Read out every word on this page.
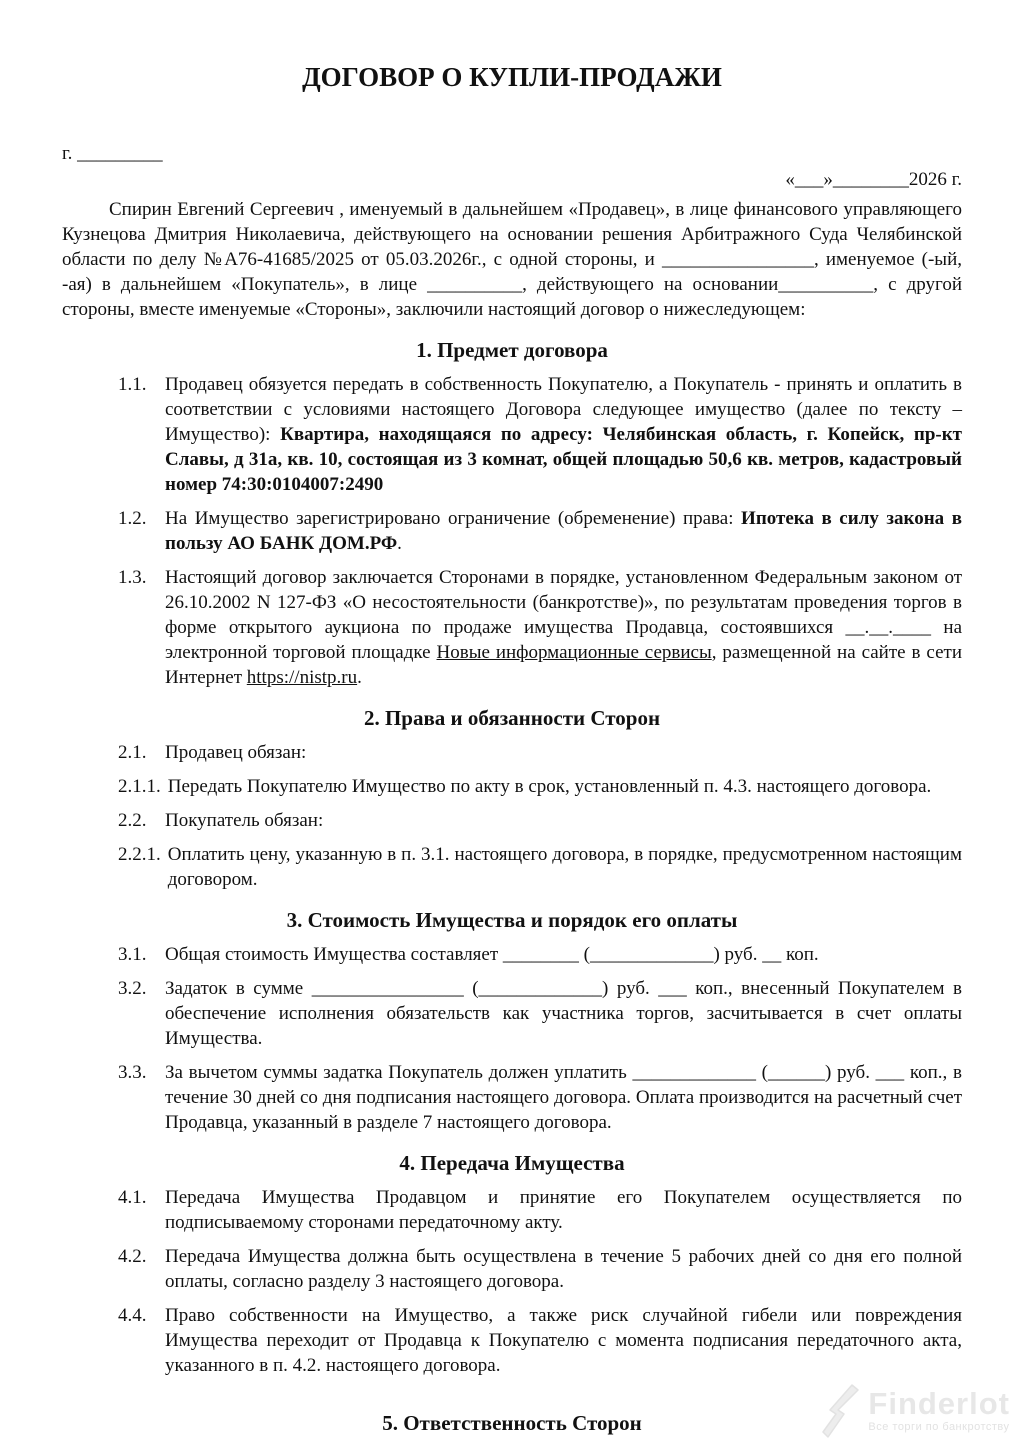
ДОГОВОР О КУПЛИ-ПРОДАЖИ
г. _________
«___»________2026 г.

Спирин Евгений Сергеевич , именуемый в дальнейшем «Продавец», в лице финансового управляющего Кузнецова Дмитрия Николаевича, действующего на основании решения Арбитражного Суда Челябинской области по делу №А76-41685/2025 от 05.03.2026г., с одной стороны, и ________________, именуемое (-ый, -ая) в дальнейшем «Покупатель», в лице __________, действующего на основании__________, с другой стороны, вместе именуемые «Стороны», заключили настоящий договор о нижеследующем:

1. Предмет договора
1.1. Продавец обязуется передать в собственность Покупателю, а Покупатель - принять и оплатить в соответствии с условиями настоящего Договора следующее имущество (далее по тексту – Имущество): Квартира, находящаяся по адресу: Челябинская область, г. Копейск, пр-кт Славы, д 31а, кв. 10, состоящая из 3 комнат, общей площадью 50,6 кв. метров, кадастровый номер 74:30:0104007:2490
1.2. На Имущество зарегистрировано ограничение (обременение) права: Ипотека в силу закона в пользу АО БАНК ДОМ.РФ.
1.3. Настоящий договор заключается Сторонами в порядке, установленном Федеральным законом от 26.10.2002 N 127-ФЗ «О несостоятельности (банкротстве)», по результатам проведения торгов в форме открытого аукциона по продаже имущества Продавца, состоявшихся __.__.____ на электронной торговой площадке Новые информационные сервисы, размещенной на сайте в сети Интернет https://nistp.ru.
2. Права и обязанности Сторон
2.1. Продавец обязан:
2.1.1. Передать Покупателю Имущество по акту в срок, установленный п. 4.3. настоящего договора.
2.2. Покупатель обязан:
2.2.1. Оплатить цену, указанную в п. 3.1. настоящего договора, в порядке, предусмотренном настоящим договором.
3. Стоимость Имущества и порядок его оплаты
3.1. Общая стоимость Имущества составляет ________ (_____________) руб. __ коп.
3.2. Задаток в сумме ________________ (_____________) руб. ___ коп., внесенный Покупателем в обеспечение исполнения обязательств как участника торгов, засчитывается в счет оплаты Имущества.
3.3. За вычетом суммы задатка Покупатель должен уплатить _____________ (______) руб. ___ коп., в течение 30 дней со дня подписания настоящего договора. Оплата производится на расчетный счет Продавца, указанный в разделе 7 настоящего договора.
4. Передача Имущества
4.1. Передача Имущества Продавцом и принятие его Покупателем осуществляется по подписываемому сторонами передаточному акту.
4.2. Передача Имущества должна быть осуществлена в течение 5 рабочих дней со дня его полной оплаты, согласно разделу 3 настоящего договора.
4.4. Право собственности на Имущество, а также риск случайной гибели или повреждения Имущества переходит от Продавца к Покупателю с момента подписания передаточного акта, указанного в п. 4.2. настоящего договора.
5. Ответственность Сторон
Finderlot
Все торги по банкротству
